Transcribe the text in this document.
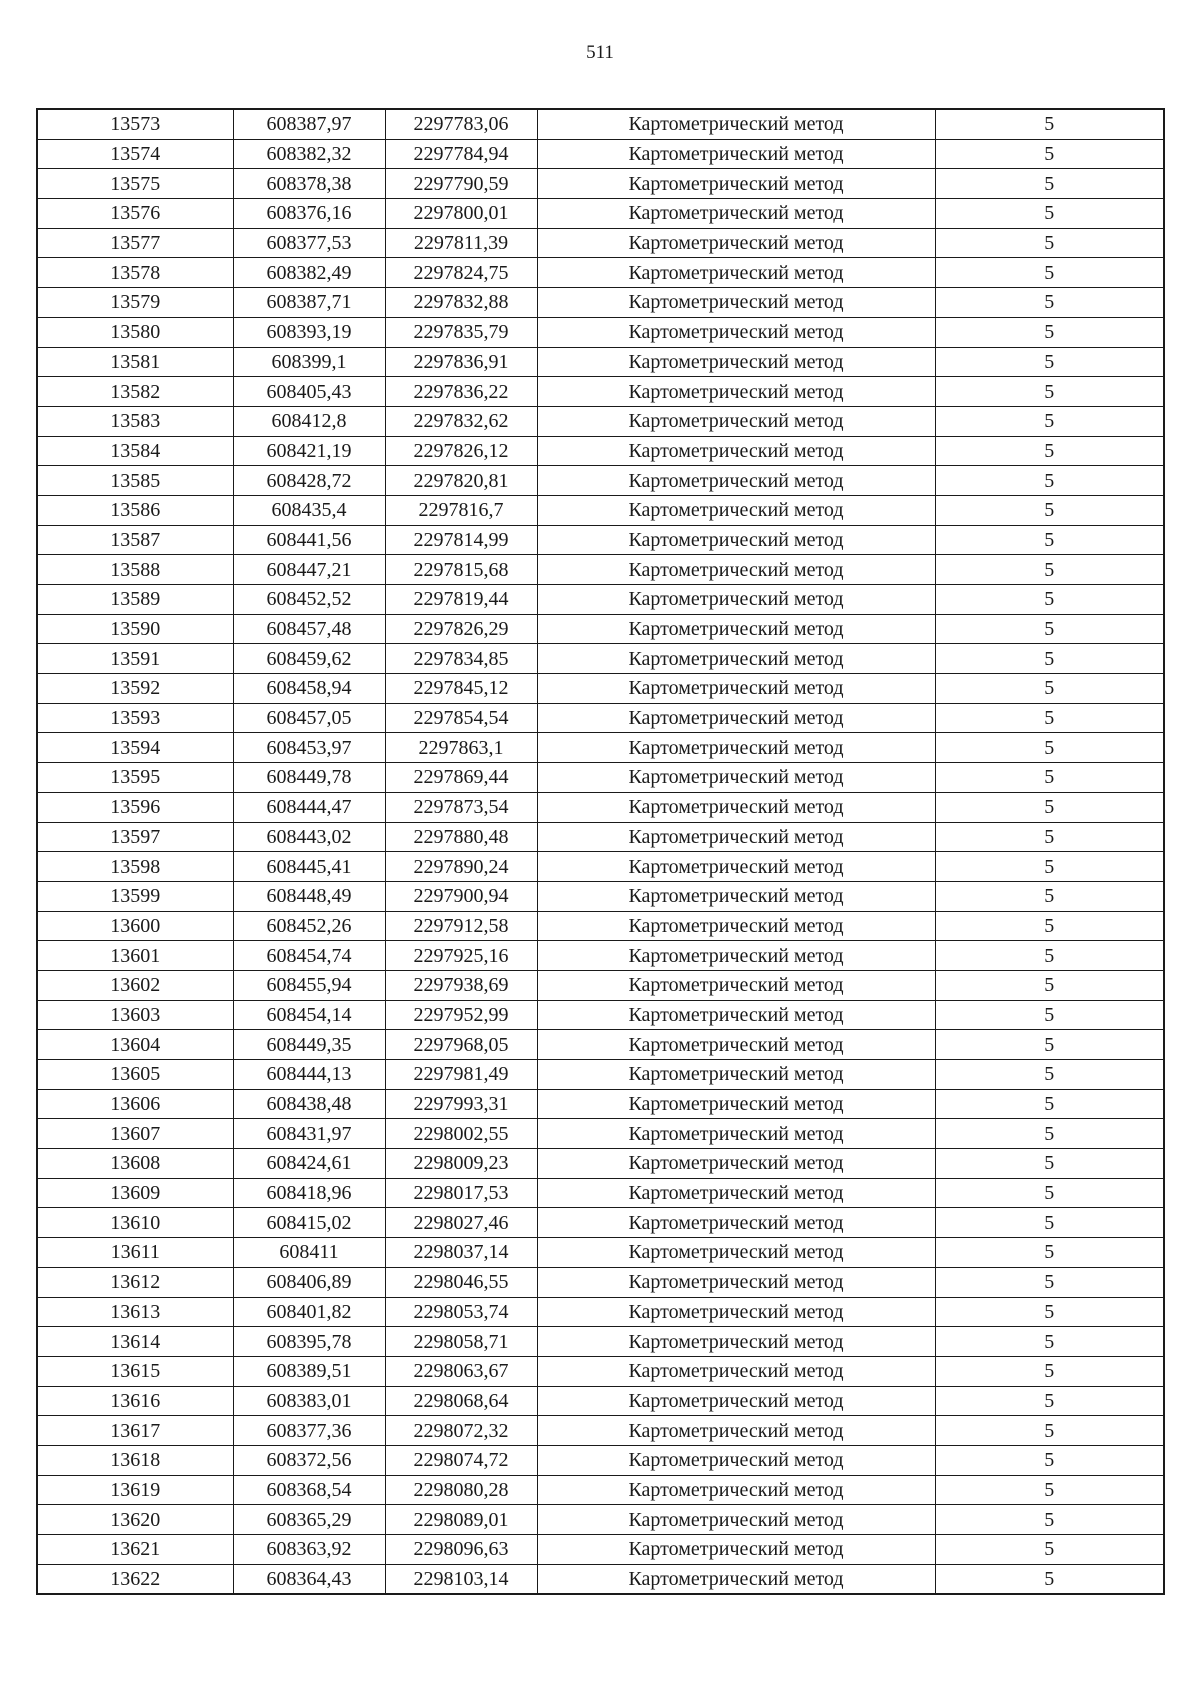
511
13573	608387,97	2297783,06	Картометрический метод	5
13574	608382,32	2297784,94	Картометрический метод	5
13575	608378,38	2297790,59	Картометрический метод	5
13576	608376,16	2297800,01	Картометрический метод	5
13577	608377,53	2297811,39	Картометрический метод	5
13578	608382,49	2297824,75	Картометрический метод	5
13579	608387,71	2297832,88	Картометрический метод	5
13580	608393,19	2297835,79	Картометрический метод	5
13581	608399,1	2297836,91	Картометрический метод	5
13582	608405,43	2297836,22	Картометрический метод	5
13583	608412,8	2297832,62	Картометрический метод	5
13584	608421,19	2297826,12	Картометрический метод	5
13585	608428,72	2297820,81	Картометрический метод	5
13586	608435,4	2297816,7	Картометрический метод	5
13587	608441,56	2297814,99	Картометрический метод	5
13588	608447,21	2297815,68	Картометрический метод	5
13589	608452,52	2297819,44	Картометрический метод	5
13590	608457,48	2297826,29	Картометрический метод	5
13591	608459,62	2297834,85	Картометрический метод	5
13592	608458,94	2297845,12	Картометрический метод	5
13593	608457,05	2297854,54	Картометрический метод	5
13594	608453,97	2297863,1	Картометрический метод	5
13595	608449,78	2297869,44	Картометрический метод	5
13596	608444,47	2297873,54	Картометрический метод	5
13597	608443,02	2297880,48	Картометрический метод	5
13598	608445,41	2297890,24	Картометрический метод	5
13599	608448,49	2297900,94	Картометрический метод	5
13600	608452,26	2297912,58	Картометрический метод	5
13601	608454,74	2297925,16	Картометрический метод	5
13602	608455,94	2297938,69	Картометрический метод	5
13603	608454,14	2297952,99	Картометрический метод	5
13604	608449,35	2297968,05	Картометрический метод	5
13605	608444,13	2297981,49	Картометрический метод	5
13606	608438,48	2297993,31	Картометрический метод	5
13607	608431,97	2298002,55	Картометрический метод	5
13608	608424,61	2298009,23	Картометрический метод	5
13609	608418,96	2298017,53	Картометрический метод	5
13610	608415,02	2298027,46	Картометрический метод	5
13611	608411	2298037,14	Картометрический метод	5
13612	608406,89	2298046,55	Картометрический метод	5
13613	608401,82	2298053,74	Картометрический метод	5
13614	608395,78	2298058,71	Картометрический метод	5
13615	608389,51	2298063,67	Картометрический метод	5
13616	608383,01	2298068,64	Картометрический метод	5
13617	608377,36	2298072,32	Картометрический метод	5
13618	608372,56	2298074,72	Картометрический метод	5
13619	608368,54	2298080,28	Картометрический метод	5
13620	608365,29	2298089,01	Картометрический метод	5
13621	608363,92	2298096,63	Картометрический метод	5
13622	608364,43	2298103,14	Картометрический метод	5
